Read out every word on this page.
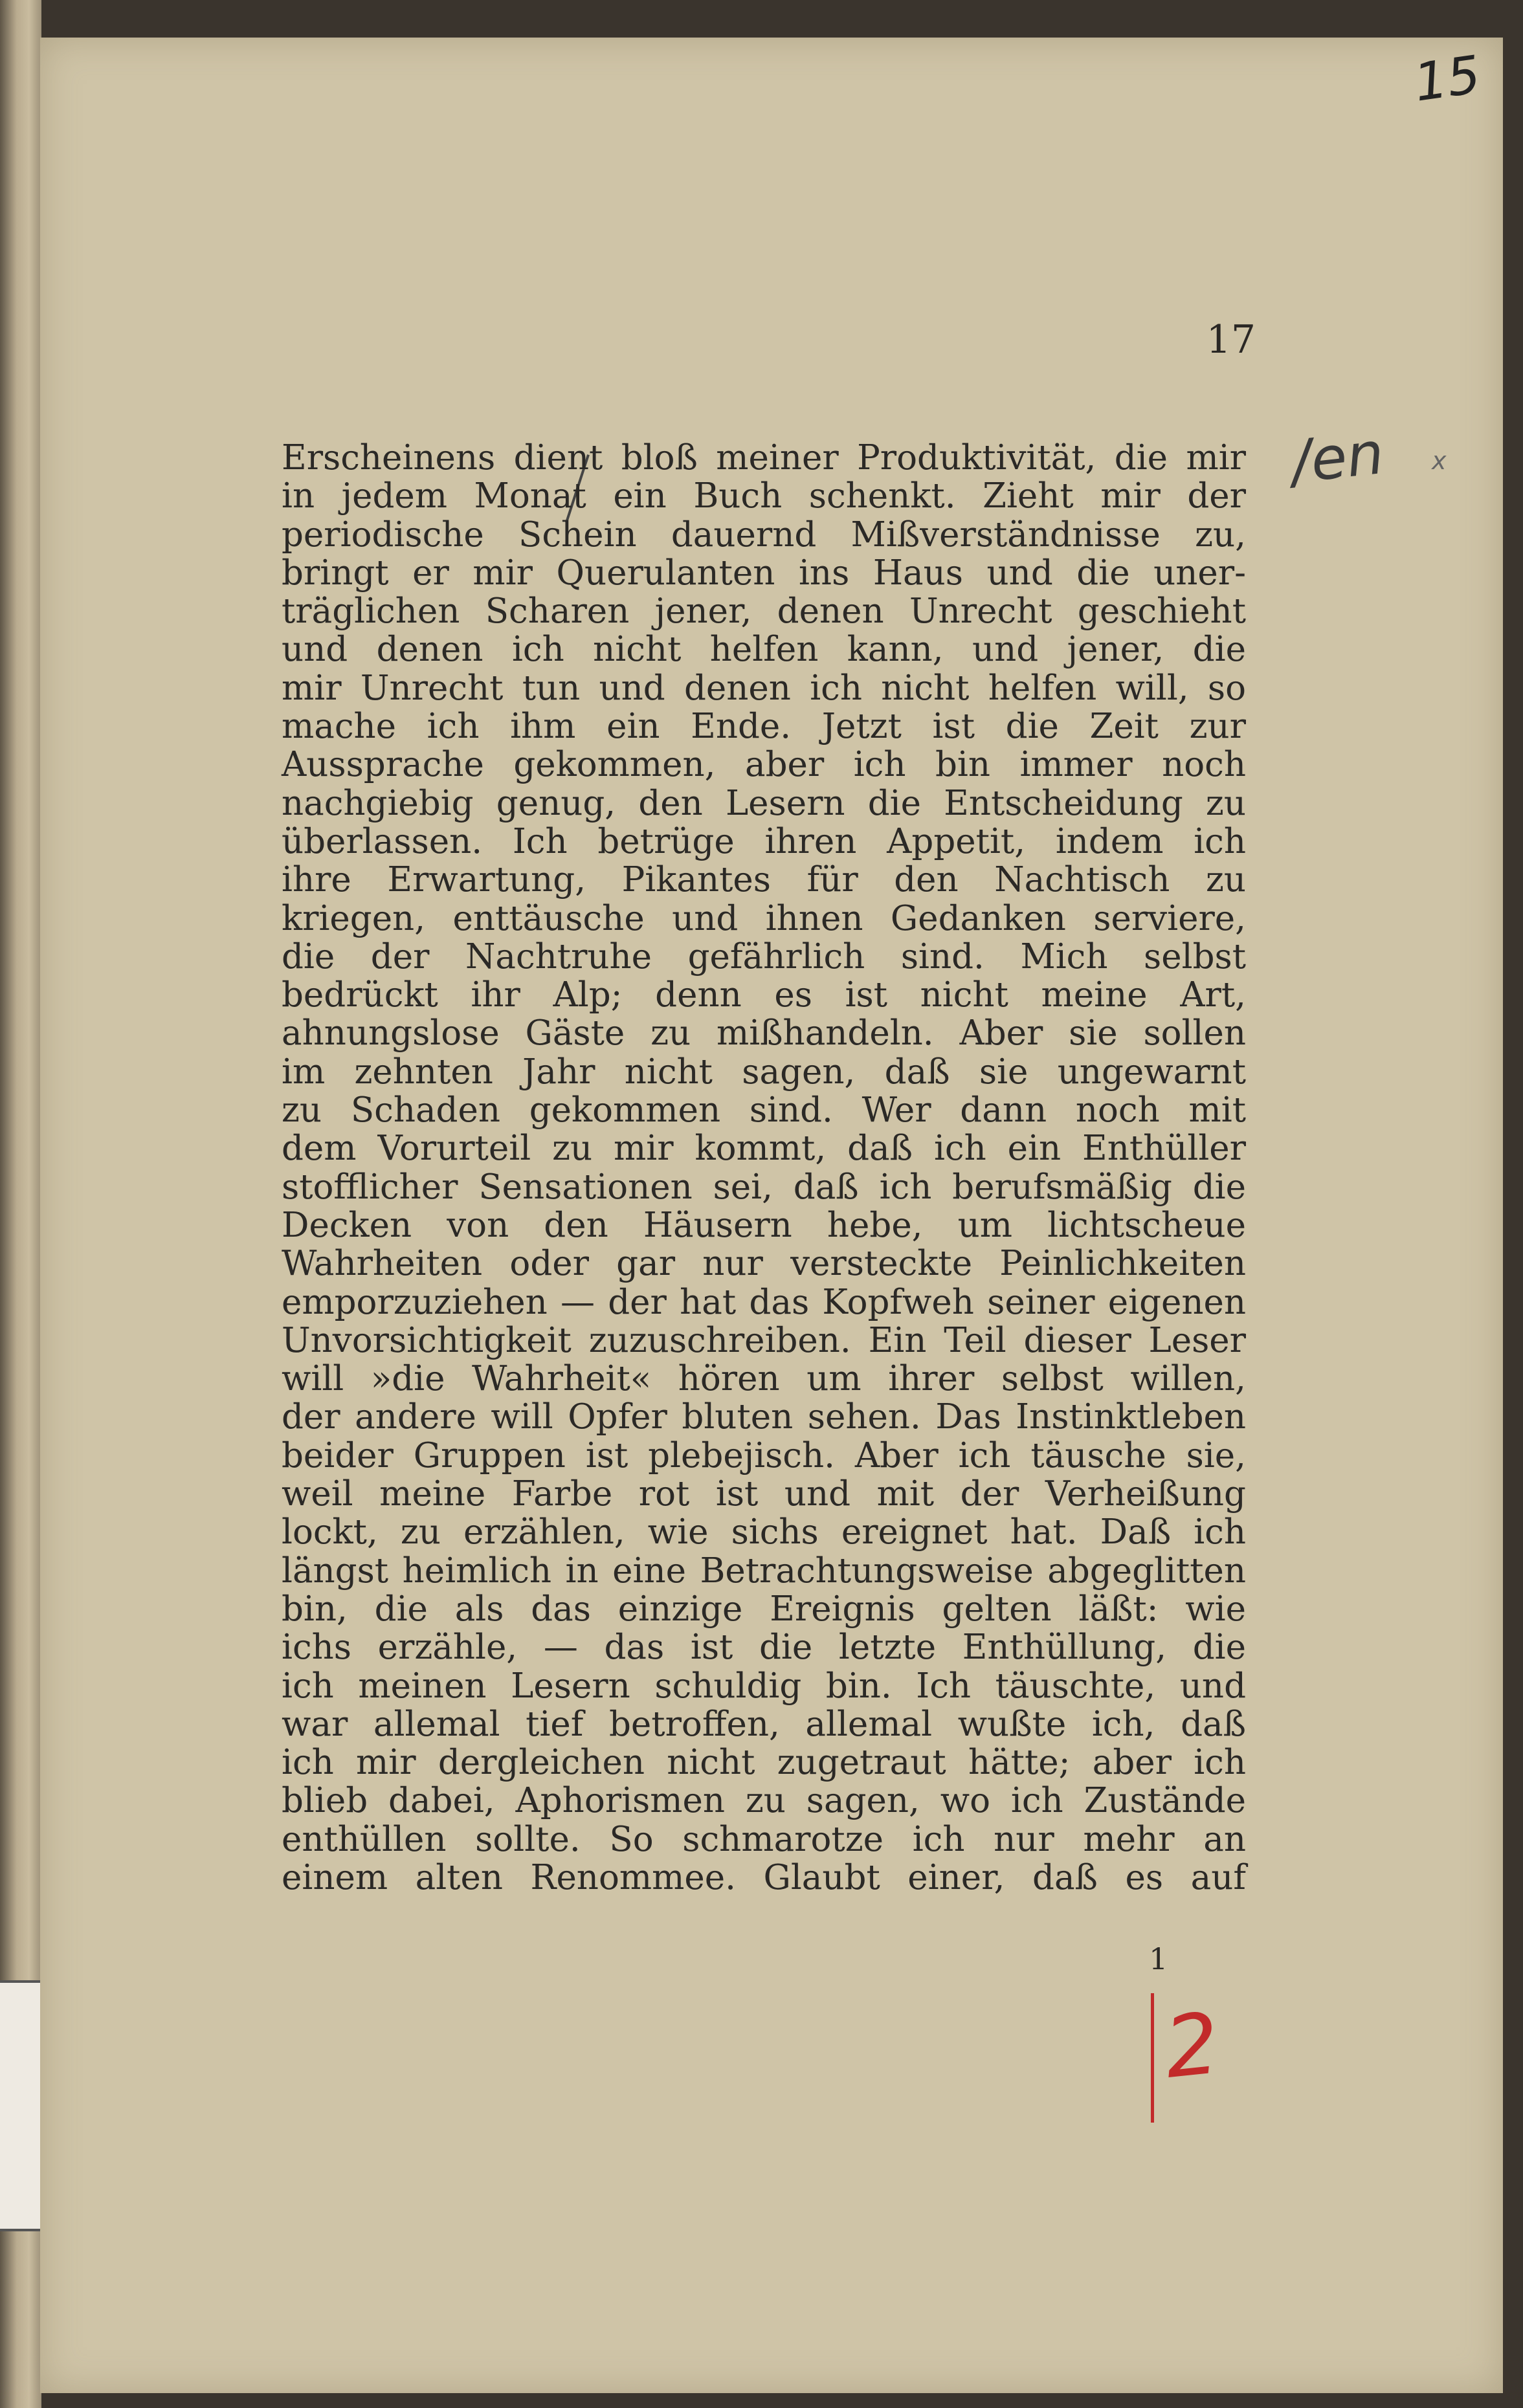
15
17
/en x
Erscheinens dient bloß meiner Produktivität, die mir
in jedem Monat ein Buch schenkt. Zieht mir der
periodische Schein dauernd Mißverständnisse zu,
bringt er mir Querulanten ins Haus und die uner-
träglichen Scharen jener, denen Unrecht geschieht
und denen ich nicht helfen kann, und jener, die
mir Unrecht tun und denen ich nicht helfen will, so
mache ich ihm ein Ende. Jetzt ist die Zeit zur
Aussprache gekommen, aber ich bin immer noch
nachgiebig genug, den Lesern die Entscheidung zu
überlassen. Ich betrüge ihren Appetit, indem ich
ihre Erwartung, Pikantes für den Nachtisch zu
kriegen, enttäusche und ihnen Gedanken serviere,
die der Nachtruhe gefährlich sind. Mich selbst
bedrückt ihr Alp; denn es ist nicht meine Art,
ahnungslose Gäste zu mißhandeln. Aber sie sollen
im zehnten Jahr nicht sagen, daß sie ungewarnt
zu Schaden gekommen sind. Wer dann noch mit
dem Vorurteil zu mir kommt, daß ich ein Enthüller
stofflicher Sensationen sei, daß ich berufsmäßig die
Decken von den Häusern hebe, um lichtscheue
Wahrheiten oder gar nur versteckte Peinlichkeiten
emporzuziehen — der hat das Kopfweh seiner eigenen
Unvorsichtigkeit zuzuschreiben. Ein Teil dieser Leser
will »die Wahrheit« hören um ihrer selbst willen,
der andere will Opfer bluten sehen. Das Instinktleben
beider Gruppen ist plebejisch. Aber ich täusche sie,
weil meine Farbe rot ist und mit der Verheißung
lockt, zu erzählen, wie sichs ereignet hat. Daß ich
längst heimlich in eine Betrachtungsweise abgeglitten
bin, die als das einzige Ereignis gelten läßt: wie
ichs erzähle, — das ist die letzte Enthüllung, die
ich meinen Lesern schuldig bin. Ich täuschte, und
war allemal tief betroffen, allemal wußte ich, daß
ich mir dergleichen nicht zugetraut hätte; aber ich
blieb dabei, Aphorismen zu sagen, wo ich Zustände
enthüllen sollte. So schmarotze ich nur mehr an
einem alten Renommee. Glaubt einer, daß es auf
1
2
